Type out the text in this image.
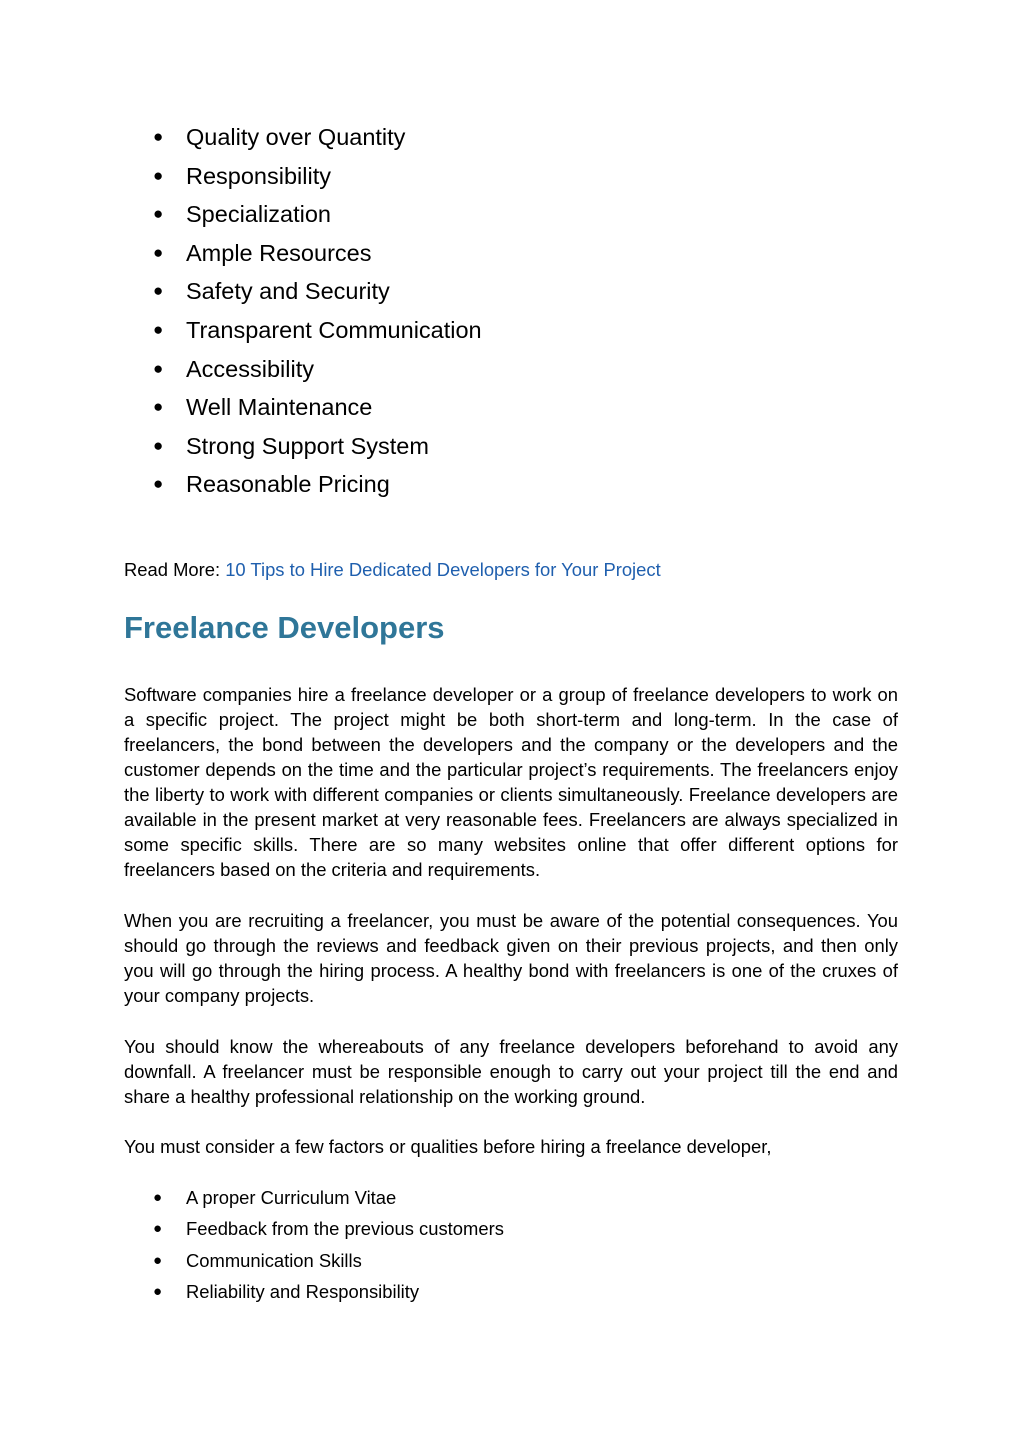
● Quality over Quantity
● Responsibility
● Specialization
● Ample Resources
● Safety and Security
● Transparent Communication
● Accessibility
● Well Maintenance
● Strong Support System
● Reasonable Pricing
Read More: 10 Tips to Hire Dedicated Developers for Your Project
Freelance Developers

Software companies hire a freelance developer or a group of freelance developers to work on a specific project. The project might be both short-term and long-term. In the case of freelancers, the bond between the developers and the company or the developers and the customer depends on the time and the particular project’s requirements. The freelancers enjoy the liberty to work with different companies or clients simultaneously. Freelance developers are available in the present market at very reasonable fees. Freelancers are always specialized in some specific skills. There are so many websites online that offer different options for freelancers based on the criteria and requirements.

When you are recruiting a freelancer, you must be aware of the potential consequences. You should go through the reviews and feedback given on their previous projects, and then only you will go through the hiring process. A healthy bond with freelancers is one of the cruxes of your company projects.

You should know the whereabouts of any freelance developers beforehand to avoid any downfall. A freelancer must be responsible enough to carry out your project till the end and share a healthy professional relationship on the working ground.

You must consider a few factors or qualities before hiring a freelance developer,

● A proper Curriculum Vitae
● Feedback from the previous customers
● Communication Skills
● Reliability and Responsibility
